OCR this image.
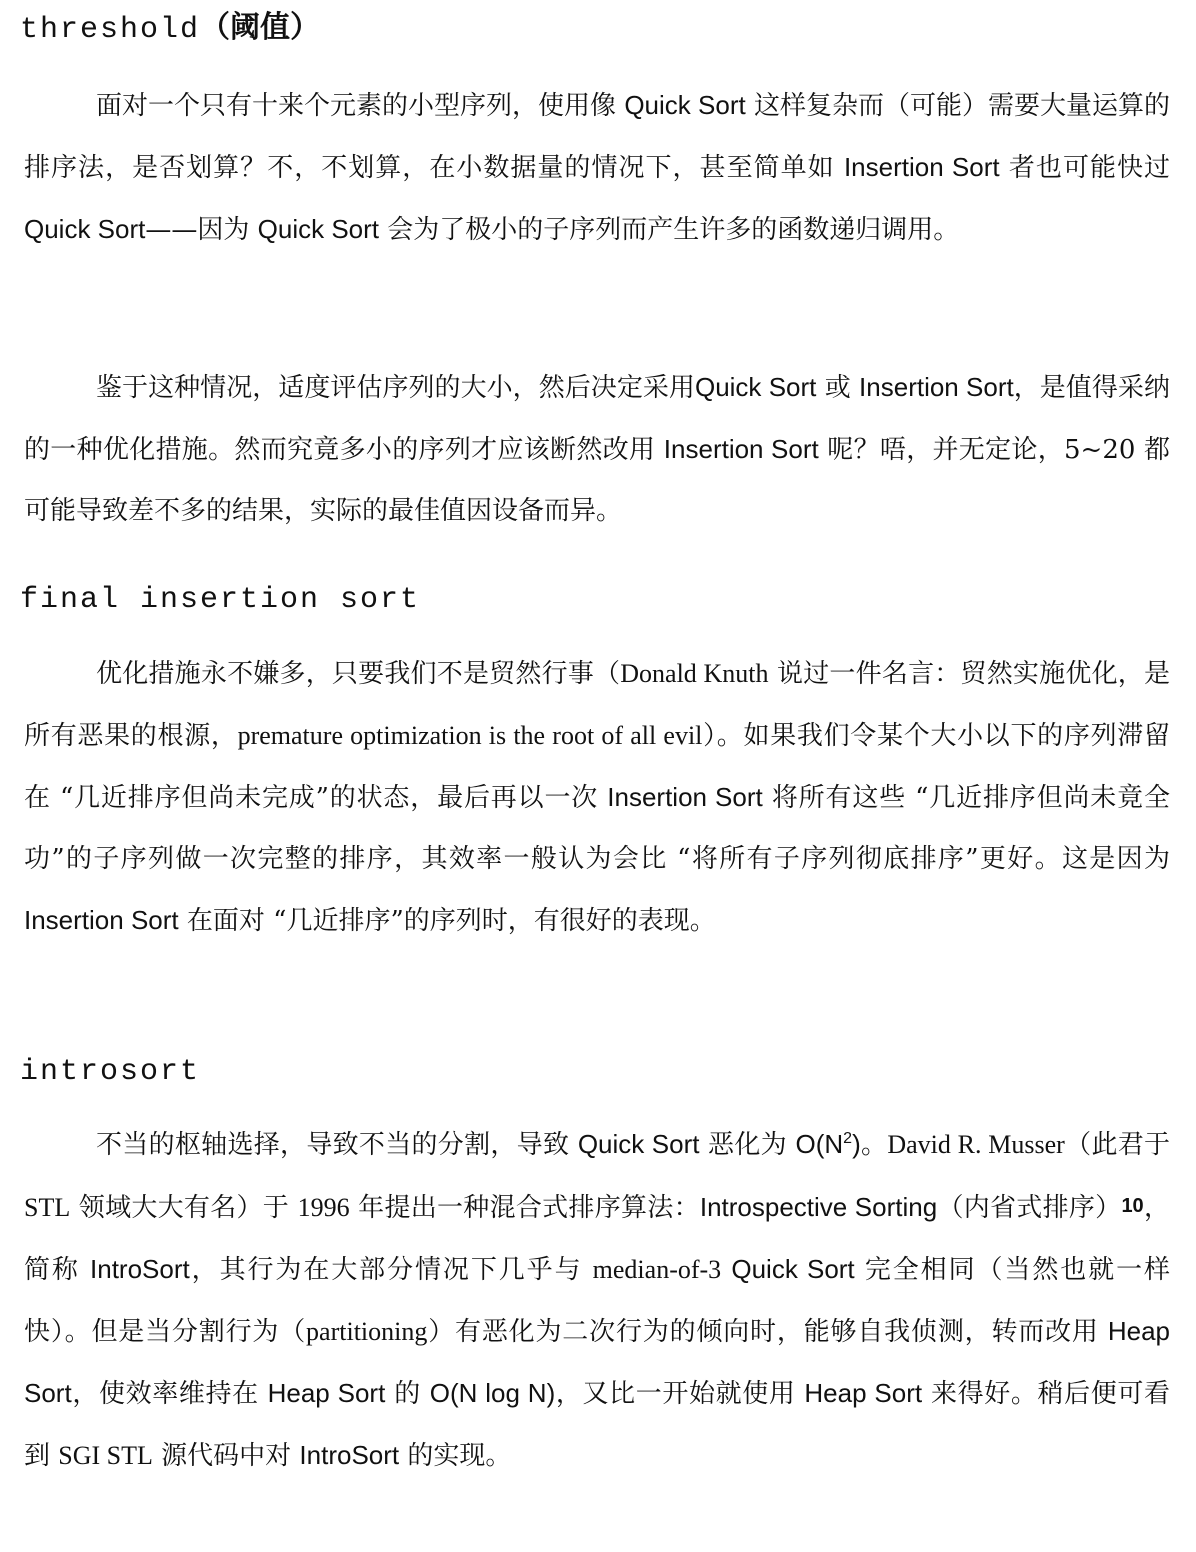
threshold（阈值）

面对一个只有十来个元素的小型序列，使用像 Quick Sort 这样复杂而（可能）需要大量运算的排序法，是否划算？不，不划算，在小数据量的情况下，甚至简单如 Insertion Sort 者也可能快过 Quick Sort——因为 Quick Sort 会为了极小的子序列而产生许多的函数递归调用。

鉴于这种情况，适度评估序列的大小，然后决定采用Quick Sort 或 Insertion Sort，是值得采纳的一种优化措施。然而究竟多小的序列才应该断然改用 Insertion Sort 呢？唔，并无定论，5~20 都可能导致差不多的结果，实际的最佳值因设备而异。

final insertion sort

优化措施永不嫌多，只要我们不是贸然行事（Donald Knuth 说过一件名言：贸然实施优化，是所有恶果的根源，premature optimization is the root of all evil）。如果我们令某个大小以下的序列滞留在 “几近排序但尚未完成”的状态，最后再以一次 Insertion Sort 将所有这些 “几近排序但尚未竟全功”的子序列做一次完整的排序，其效率一般认为会比 “将所有子序列彻底排序”更好。这是因为 Insertion Sort 在面对 “几近排序”的序列时，有很好的表现。

introsort

不当的枢轴选择，导致不当的分割，导致 Quick Sort 恶化为 $O(N^2)$。David R. Musser（此君于 STL 领域大大有名）于 1996 年提出一种混合式排序算法：Introspective Sorting（内省式排序）10，简称 IntroSort，其行为在大部分情况下几乎与 median-of-3 Quick Sort 完全相同（当然也就一样快）。但是当分割行为（partitioning）有恶化为二次行为的倾向时，能够自我侦测，转而改用 Heap Sort，使效率维持在 Heap Sort 的 O(N log N)，又比一开始就使用 Heap Sort 来得好。稍后便可看到 SGI STL 源代码中对 IntroSort 的实现。
